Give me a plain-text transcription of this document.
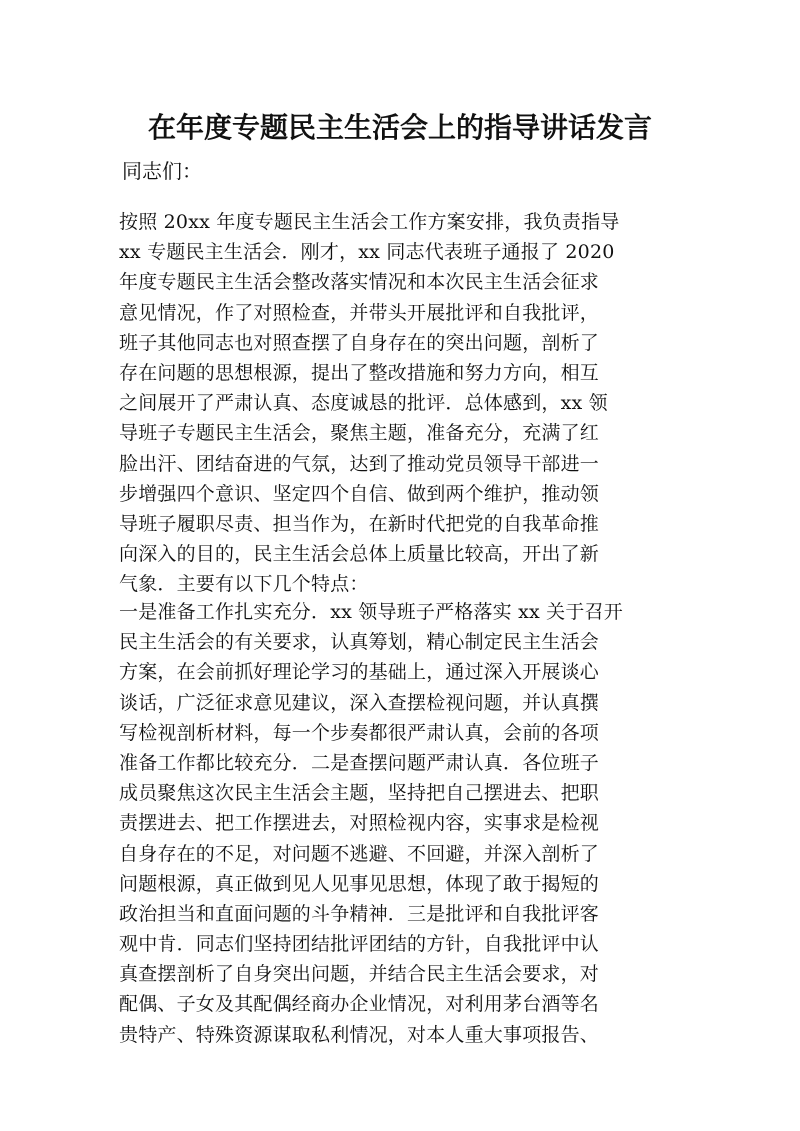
在年度专题民主生活会上的指导讲话发言

同志们：

按照 20xx 年度专题民主生活会工作方案安排，我负责指导
xx 专题民主生活会．刚才，xx 同志代表班子通报了 2020
年度专题民主生活会整改落实情况和本次民主生活会征求
意见情况，作了对照检查，并带头开展批评和自我批评，
班子其他同志也对照查摆了自身存在的突出问题，剖析了
存在问题的思想根源，提出了整改措施和努力方向，相互
之间展开了严肃认真、态度诚恳的批评．总体感到，xx 领
导班子专题民主生活会，聚焦主题，准备充分，充满了红
脸出汗、团结奋进的气氛，达到了推动党员领导干部进一
步增强四个意识、坚定四个自信、做到两个维护，推动领
导班子履职尽责、担当作为，在新时代把党的自我革命推
向深入的目的，民主生活会总体上质量比较高，开出了新
气象．主要有以下几个特点：
一是准备工作扎实充分．xx 领导班子严格落实 xx 关于召开
民主生活会的有关要求，认真筹划，精心制定民主生活会
方案，在会前抓好理论学习的基础上，通过深入开展谈心
谈话，广泛征求意见建议，深入查摆检视问题，并认真撰
写检视剖析材料，每一个步奏都很严肃认真，会前的各项
准备工作都比较充分．二是查摆问题严肃认真．各位班子
成员聚焦这次民主生活会主题，坚持把自己摆进去、把职
责摆进去、把工作摆进去，对照检视内容，实事求是检视
自身存在的不足，对问题不逃避、不回避，并深入剖析了
问题根源，真正做到见人见事见思想，体现了敢于揭短的
政治担当和直面问题的斗争精神．三是批评和自我批评客
观中肯．同志们坚持团结批评团结的方针，自我批评中认
真查摆剖析了自身突出问题，并结合民主生活会要求，对
配偶、子女及其配偶经商办企业情况，对利用茅台酒等名
贵特产、特殊资源谋取私利情况，对本人重大事项报告、
